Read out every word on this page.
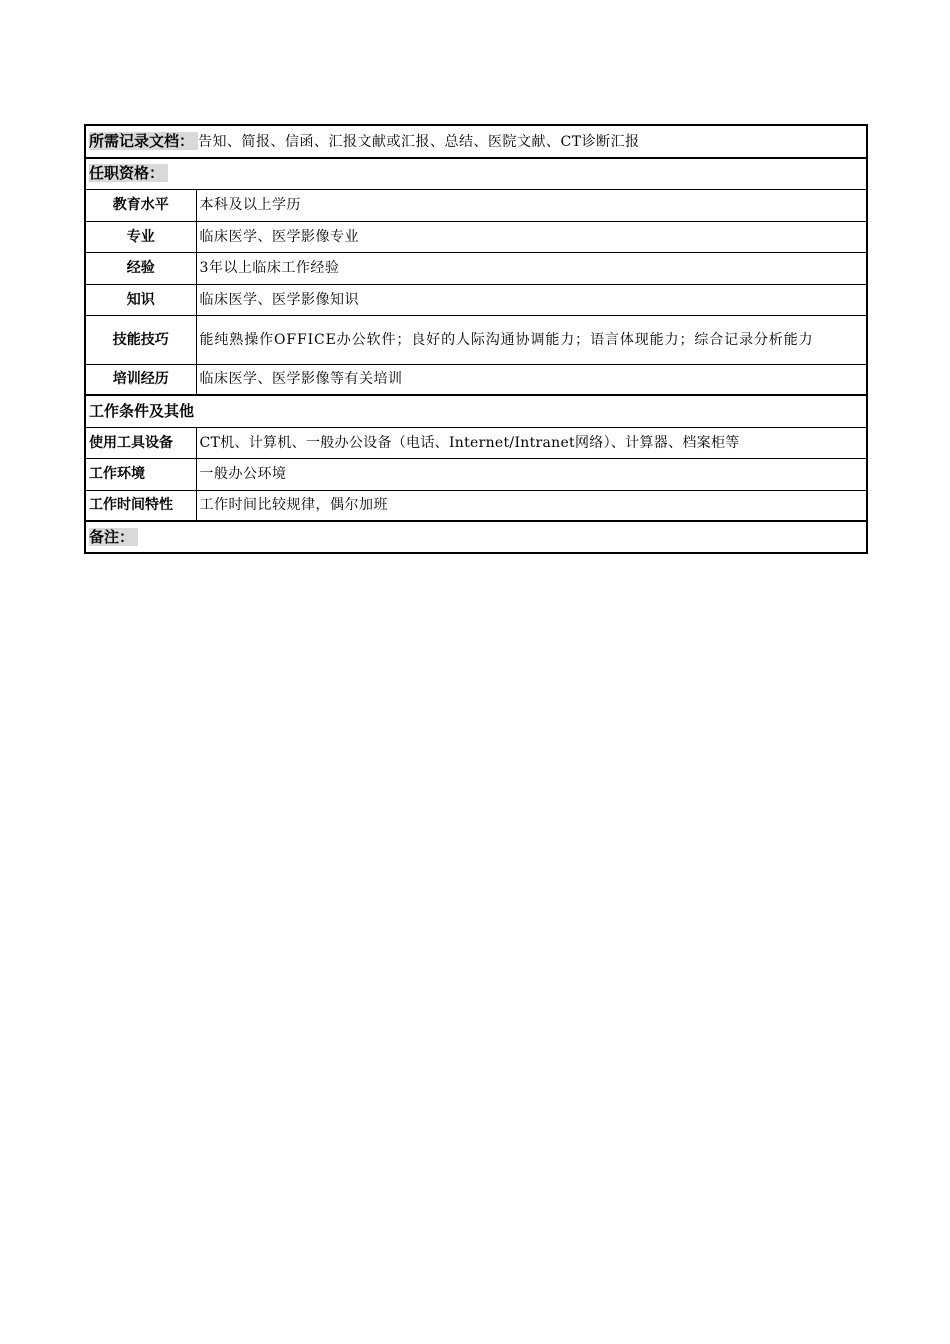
所需记录文档： 告知、简报、信函、汇报文献或汇报、总结、医院文献、CT诊断汇报	
任职资格：	
教育水平	本科及以上学历
专业	临床医学、医学影像专业
经验	3年以上临床工作经验
知识	临床医学、医学影像知识
技能技巧	能纯熟操作OFFICE办公软件；良好的人际沟通协调能力；语言体现能力；综合记录分析能力
培训经历	临床医学、医学影像等有关培训
工作条件及其他	
使用工具设备	CT机、计算机、一般办公设备（电话、Internet/Intranet网络）、计算器、档案柜等
工作环境	一般办公环境
工作时间特性	工作时间比较规律，偶尔加班
备注：	
